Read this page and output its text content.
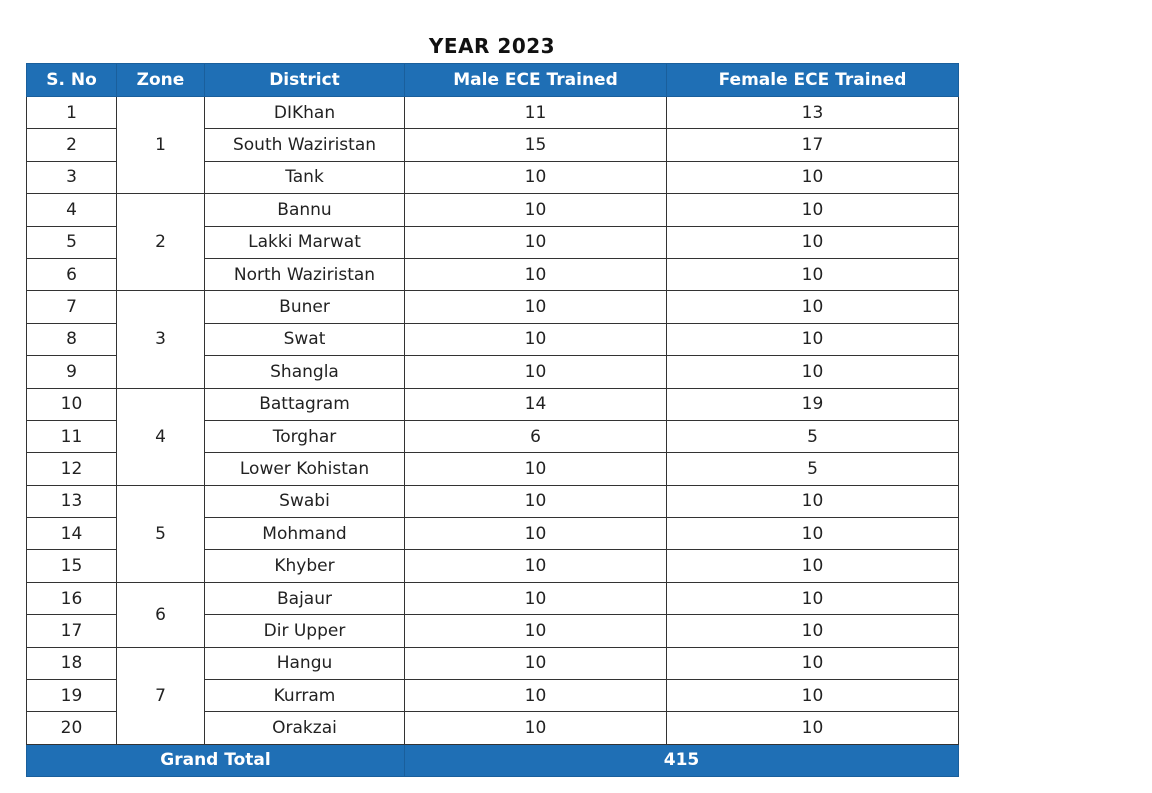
YEAR 2023
S. No	Zone	District	Male ECE Trained	Female ECE Trained
1	1	DIKhan	11	13
2		South Waziristan	15	17
3		Tank	10	10
4	2	Bannu	10	10
5		Lakki Marwat	10	10
6		North Waziristan	10	10
7	3	Buner	10	10
8		Swat	10	10
9		Shangla	10	10
10	4	Battagram	14	19
11		Torghar	6	5
12		Lower Kohistan	10	5
13	5	Swabi	10	10
14		Mohmand	10	10
15		Khyber	10	10
16	6	Bajaur	10	10
17		Dir Upper	10	10
18	7	Hangu	10	10
19		Kurram	10	10
20		Orakzai	10	10
Grand Total			415	
